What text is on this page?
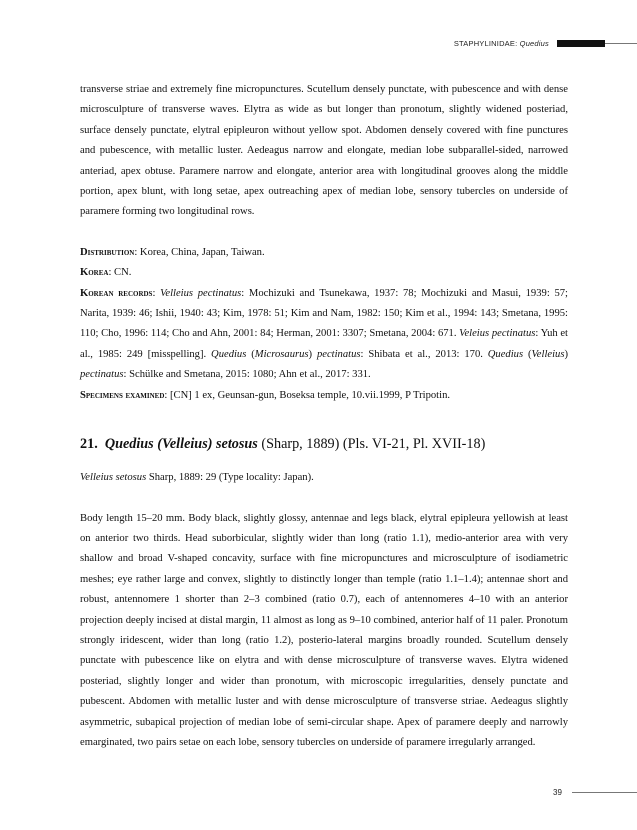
STAPHYLINIDAE: Quedius

transverse striae and extremely fine micropunctures. Scutellum densely punctate, with pubescence and with dense microsculpture of transverse waves. Elytra as wide as but longer than pronotum, slightly widened posteriad, surface densely punctate, elytral epipleuron without yellow spot. Abdomen densely covered with fine punctures and pubescence, with metallic luster. Aedeagus narrow and elongate, median lobe subparallel-sided, narrowed anteriad, apex obtuse. Paramere narrow and elongate, anterior area with longitudinal grooves along the middle portion, apex blunt, with long setae, apex outreaching apex of median lobe, sensory tubercles on underside of paramere forming two longitudinal rows.

Distribution: Korea, China, Japan, Taiwan.

Korea: CN.

Korean records: Velleius pectinatus: Mochizuki and Tsunekawa, 1937: 78; Mochizuki and Masui, 1939: 57; Narita, 1939: 46; Ishii, 1940: 43; Kim, 1978: 51; Kim and Nam, 1982: 150; Kim et al., 1994: 143; Smetana, 1995: 110; Cho, 1996: 114; Cho and Ahn, 2001: 84; Herman, 2001: 3307; Smetana, 2004: 671. Veleius pectinatus: Yuh et al., 1985: 249 [misspelling]. Quedius (Microsaurus) pectinatus: Shibata et al., 2013: 170. Quedius (Velleius) pectinatus: Schülke and Smetana, 2015: 1080; Ahn et al., 2017: 331.

Specimens examined: [CN] 1 ex, Geunsan-gun, Boseksa temple, 10.vii.1999, P Tripotin.

21. Quedius (Velleius) setosus (Sharp, 1889) (Pls. VI-21, Pl. XVII-18)

Velleius setosus Sharp, 1889: 29 (Type locality: Japan).

Body length 15–20 mm. Body black, slightly glossy, antennae and legs black, elytral epipleura yellowish at least on anterior two thirds. Head suborbicular, slightly wider than long (ratio 1.1), medio-anterior area with very shallow and broad V-shaped concavity, surface with fine micropunctures and microsculpture of isodiametric meshes; eye rather large and convex, slightly to distinctly longer than temple (ratio 1.1–1.4); antennae short and robust, antennomere 1 shorter than 2–3 combined (ratio 0.7), each of antennomeres 4–10 with an anterior projection deeply incised at distal margin, 11 almost as long as 9–10 combined, anterior half of 11 paler. Pronotum strongly iridescent, wider than long (ratio 1.2), posterio-lateral margins broadly rounded. Scutellum densely punctate with pubescence like on elytra and with dense microsculpture of transverse waves. Elytra widened posteriad, slightly longer and wider than pronotum, with microscopic irregularities, densely punctate and pubescent. Abdomen with metallic luster and with dense microsculpture of transverse striae. Aedeagus slightly asymmetric, subapical projection of median lobe of semi-circular shape. Apex of paramere deeply and narrowly emarginated, two pairs setae on each lobe, sensory tubercles on underside of paramere irregularly arranged.

39
